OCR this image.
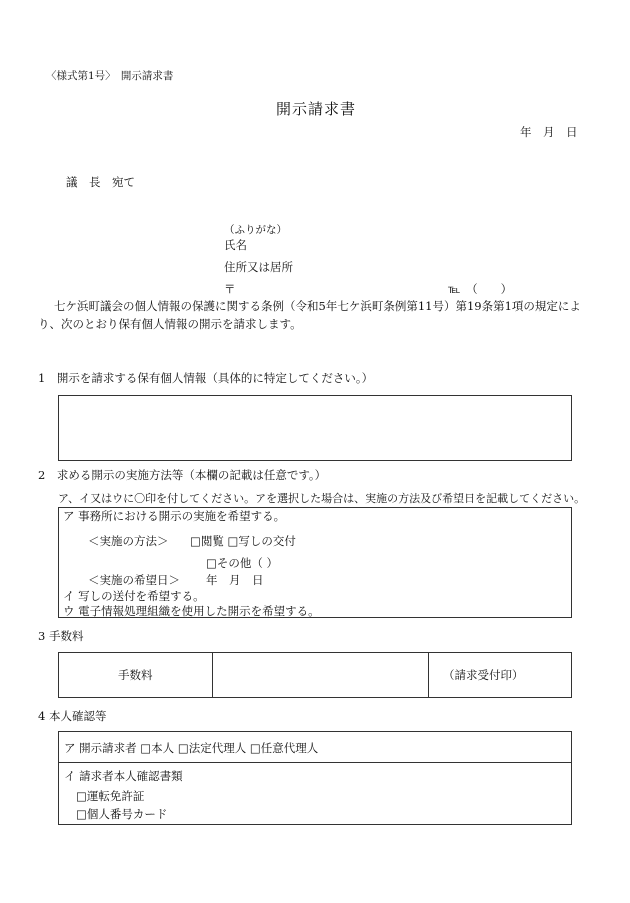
〈様式第1号〉　開示請求書
開示請求書
年　月　日
議　長　宛て
（ふりがな）
氏名
住所又は居所
〒	℡　（　　）
七ケ浜町議会の個人情報の保護に関する条例（令和5年七ケ浜町条例第11号）第19条第1項の規定により、次のとおり保有個人情報の開示を請求します。
1　開示を請求する保有個人情報（具体的に特定してください。）
2　求める開示の実施方法等（本欄の記載は任意です。）
ア、イ又はウに〇印を付してください。アを選択した場合は、実施の方法及び希望日を記載してください。
ア 事務所における開示の実施を希望する。
＜実施の方法＞ □閲覧 □写しの交付
□その他（ ）
＜実施の希望日＞ 年　月　日
イ 写しの送付を希望する。
ウ 電子情報処理組織を使用した開示を希望する。
3 手数料
手数料	（請求受付印）
4 本人確認等
ア 開示請求者 □本人 □法定代理人 □任意代理人
イ 請求者本人確認書類
□運転免許証
□個人番号カード
